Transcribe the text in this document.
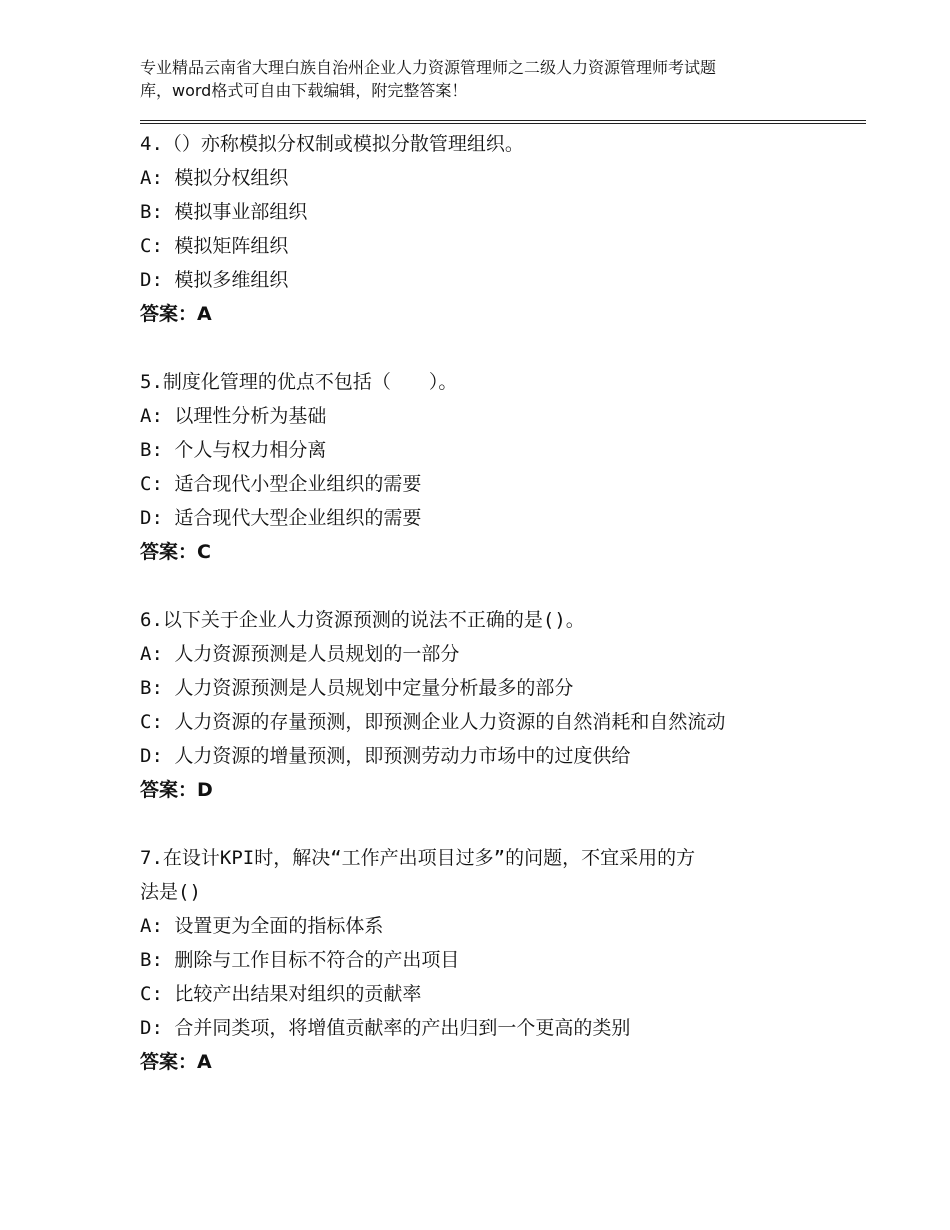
专业精品云南省大理白族自治州企业人力资源管理师之二级人力资源管理师考试题
库，word格式可自由下载编辑，附完整答案！
4.（）亦称模拟分权制或模拟分散管理组织。
A: 模拟分权组织
B: 模拟事业部组织
C: 模拟矩阵组织
D: 模拟多维组织
答案：A
5.制度化管理的优点不包括（　　）。
A: 以理性分析为基础
B: 个人与权力相分离
C: 适合现代小型企业组织的需要
D: 适合现代大型企业组织的需要
答案：C
6.以下关于企业人力资源预测的说法不正确的是()。
A: 人力资源预测是人员规划的一部分
B: 人力资源预测是人员规划中定量分析最多的部分
C: 人力资源的存量预测，即预测企业人力资源的自然消耗和自然流动
D: 人力资源的增量预测，即预测劳动力市场中的过度供给
答案：D
7.在设计KPI时，解决“工作产出项目过多”的问题，不宜采用的方
法是()
A: 设置更为全面的指标体系
B: 删除与工作目标不符合的产出项目
C: 比较产出结果对组织的贡献率
D: 合并同类项，将增值贡献率的产出归到一个更高的类别
答案：A
